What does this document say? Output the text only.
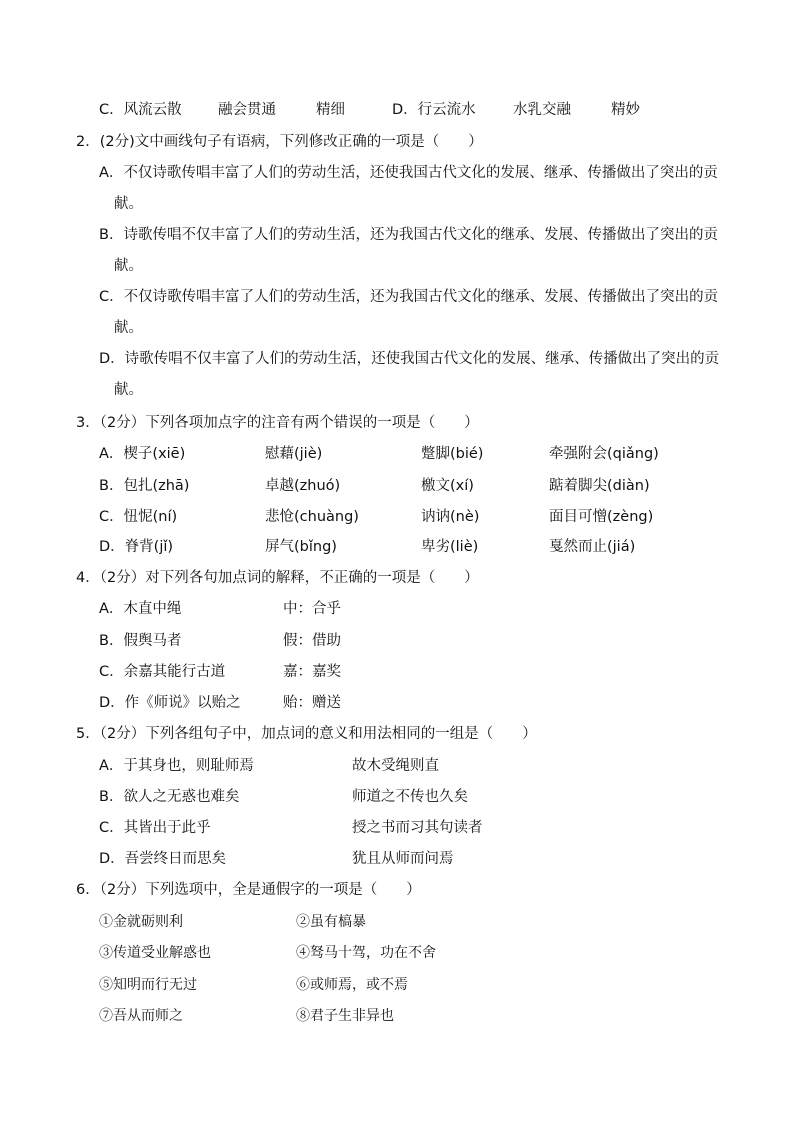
C．风流云散	融会贯通	精细	D．行云流水	水乳交融	精妙
2．(2分)文中画线句子有语病，下列修改正确的一项是（　　）
A．不仅诗歌传唱丰富了人们的劳动生活，还使我国古代文化的发展、继承、传播做出了突出的贡
献。
B．诗歌传唱不仅丰富了人们的劳动生活，还为我国古代文化的继承、发展、传播做出了突出的贡
献。
C．不仅诗歌传唱丰富了人们的劳动生活，还为我国古代文化的继承、发展、传播做出了突出的贡
献。
D．诗歌传唱不仅丰富了人们的劳动生活，还使我国古代文化的发展、继承、传播做出了突出的贡
献。
3．（2分）下列各项加点字的注音有两个错误的一项是（　　）
A．楔子(xiē)	慰藉(jiè)	蹩脚(bié)	牵强附会(qiǎng)
B．包扎(zhā)	卓越(zhuó)	檄文(xí)	踮着脚尖(diàn)
C．忸怩(ní)	悲怆(chuàng)	讷讷(nè)	面目可憎(zèng)
D．脊背(jǐ)	屏气(bǐng)	卑劣(liè)	戛然而止(jiá)
4．（2分）对下列各句加点词的解释，不正确的一项是（　　）
A．木直中绳	中：合乎
B．假舆马者	假：借助
C．余嘉其能行古道	嘉：嘉奖
D．作《师说》以贻之	贻：赠送
5．（2分）下列各组句子中，加点词的意义和用法相同的一组是（　　）
A．于其身也，则耻师焉	故木受绳则直
B．欲人之无惑也难矣	师道之不传也久矣
C．其皆出于此乎	授之书而习其句读者
D．吾尝终日而思矣	犹且从师而问焉
6．（2分）下列选项中，全是通假字的一项是（　　）
①金就砺则利	②虽有槁暴
③传道受业解惑也	④驽马十驾，功在不舍
⑤知明而行无过	⑥或师焉，或不焉
⑦吾从而师之	⑧君子生非异也
